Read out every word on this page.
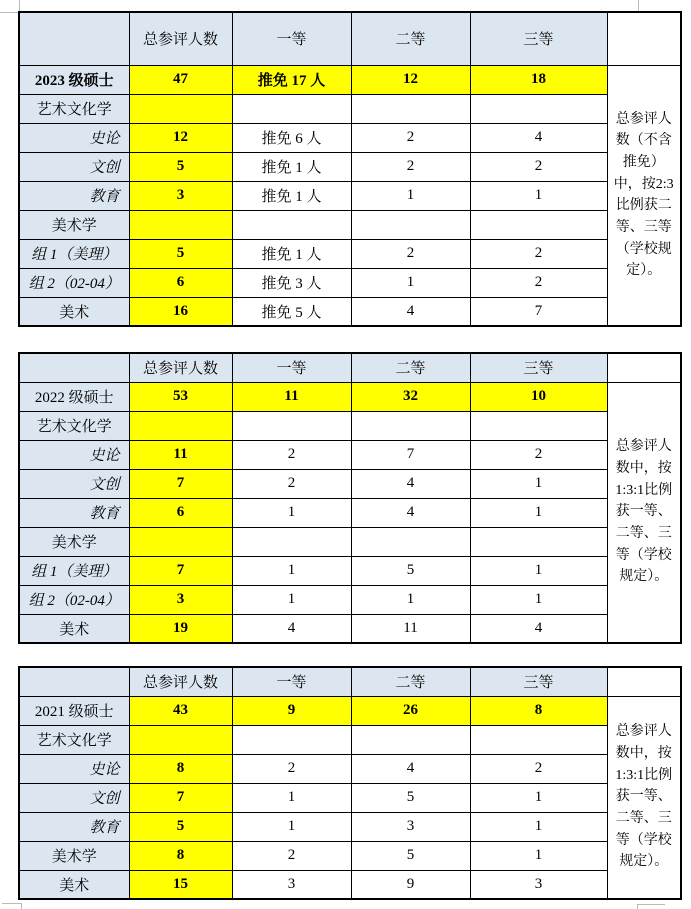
	总参评人数	一等	二等	三等	
2023 级硕士	47	推免 17 人	12	18	总参评人数（不含推免）中，按2:3比例获二等、三等（学校规定）。
艺术文化学					
史论	12	推免 6 人	2	4	
文创	5	推免 1 人	2	2	
教育	3	推免 1 人	1	1	
美术学					
组 1（美理）	5	推免 1 人	2	2	
组 2（02-04）	6	推免 3 人	1	2	
美术	16	推免 5 人	4	7	
	总参评人数	一等	二等	三等	
2022 级硕士	53	11	32	10	总参评人数中，按1:3:1比例获一等、二等、三等（学校规定）。
艺术文化学					
史论	11	2	7	2	
文创	7	2	4	1	
教育	6	1	4	1	
美术学					
组 1（美理）	7	1	5	1	
组 2（02-04）	3	1	1	1	
美术	19	4	11	4	
	总参评人数	一等	二等	三等	
2021 级硕士	43	9	26	8	总参评人数中，按1:3:1比例获一等、二等、三等（学校规定）。
艺术文化学					
史论	8	2	4	2	
文创	7	1	5	1	
教育	5	1	3	1	
美术学	8	2	5	1	
美术	15	3	9	3	
